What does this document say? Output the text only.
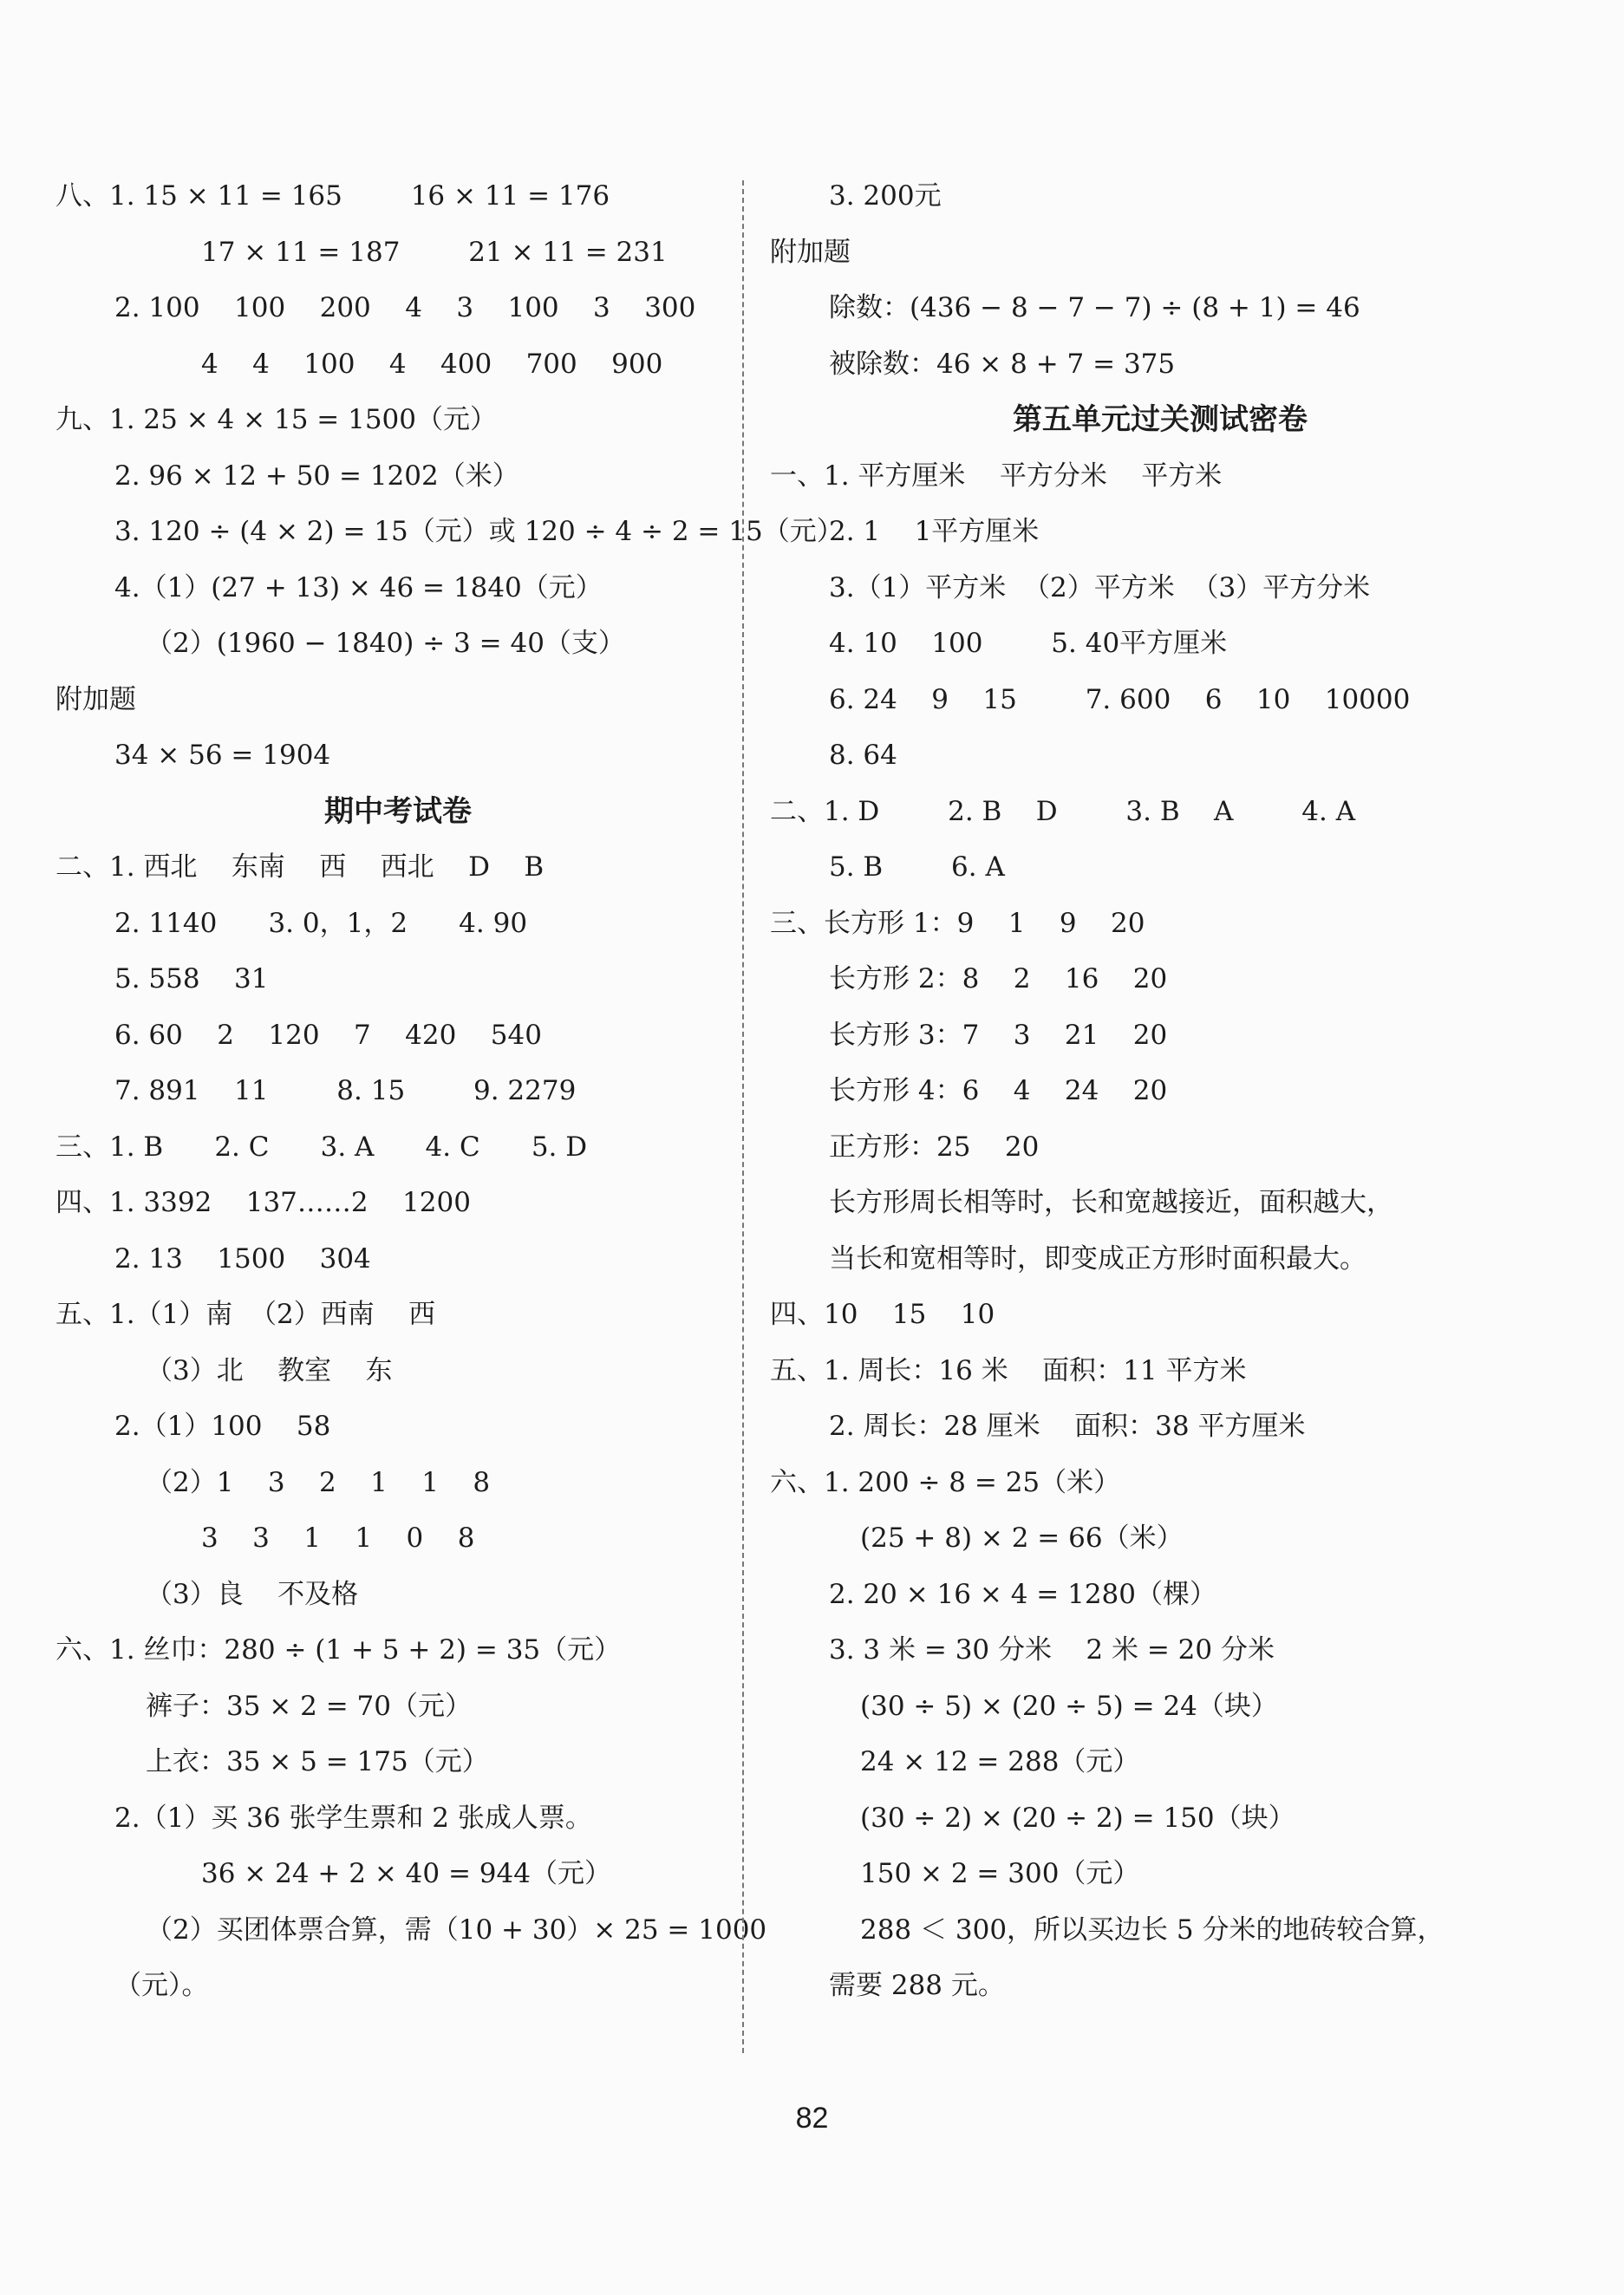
八、1. 15 × 11 = 165        16 × 11 = 176
17 × 11 = 187        21 × 11 = 231
2. 100    100    200    4    3    100    3    300
4    4    100    4    400    700    900
九、1. 25 × 4 × 15 = 1500（元）
2. 96 × 12 + 50 = 1202（米）
3. 120 ÷ (4 × 2) = 15（元）或 120 ÷ 4 ÷ 2 = 15（元）
4.（1）(27 + 13) × 46 = 1840（元）
（2）(1960 − 1840) ÷ 3 = 40（支）
附加题
34 × 56 = 1904
期中考试卷
二、1. 西北    东南    西    西北    D    B
2. 1140      3. 0，1，2      4. 90
5. 558    31
6. 60    2    120    7    420    540
7. 891    11        8. 15        9. 2279
三、1. B      2. C      3. A      4. C      5. D
四、1. 3392    137……2    1200
2. 13    1500    304
五、1.（1）南  （2）西南    西
（3）北    教室    东
2.（1）100    58
（2）1    3    2    1    1    8
3    3    1    1    0    8
（3）良    不及格
六、1. 丝巾：280 ÷ (1 + 5 + 2) = 35（元）
裤子：35 × 2 = 70（元）
上衣：35 × 5 = 175（元）
2.（1）买 36 张学生票和 2 张成人票。
36 × 24 + 2 × 40 = 944（元）
（2）买团体票合算，需（10 + 30）× 25 = 1000
（元）。
3. 200元
附加题
除数：(436 − 8 − 7 − 7) ÷ (8 + 1) = 46
被除数：46 × 8 + 7 = 375
第五单元过关测试密卷
一、1. 平方厘米    平方分米    平方米
2. 1    1平方厘米
3.（1）平方米  （2）平方米  （3）平方分米
4. 10    100        5. 40平方厘米
6. 24    9    15        7. 600    6    10    10000
8. 64
二、1. D        2. B    D        3. B    A        4. A
5. B        6. A
三、长方形 1：9    1    9    20
长方形 2：8    2    16    20
长方形 3：7    3    21    20
长方形 4：6    4    24    20
正方形：25    20
长方形周长相等时，长和宽越接近，面积越大，
当长和宽相等时，即变成正方形时面积最大。
四、10    15    10
五、1. 周长：16 米    面积：11 平方米
2. 周长：28 厘米    面积：38 平方厘米
六、1. 200 ÷ 8 = 25（米）
(25 + 8) × 2 = 66（米）
2. 20 × 16 × 4 = 1280（棵）
3. 3 米 = 30 分米    2 米 = 20 分米
(30 ÷ 5) × (20 ÷ 5) = 24（块）
24 × 12 = 288（元）
(30 ÷ 2) × (20 ÷ 2) = 150（块）
150 × 2 = 300（元）
288 ＜ 300，所以买边长 5 分米的地砖较合算，
需要 288 元。
82
